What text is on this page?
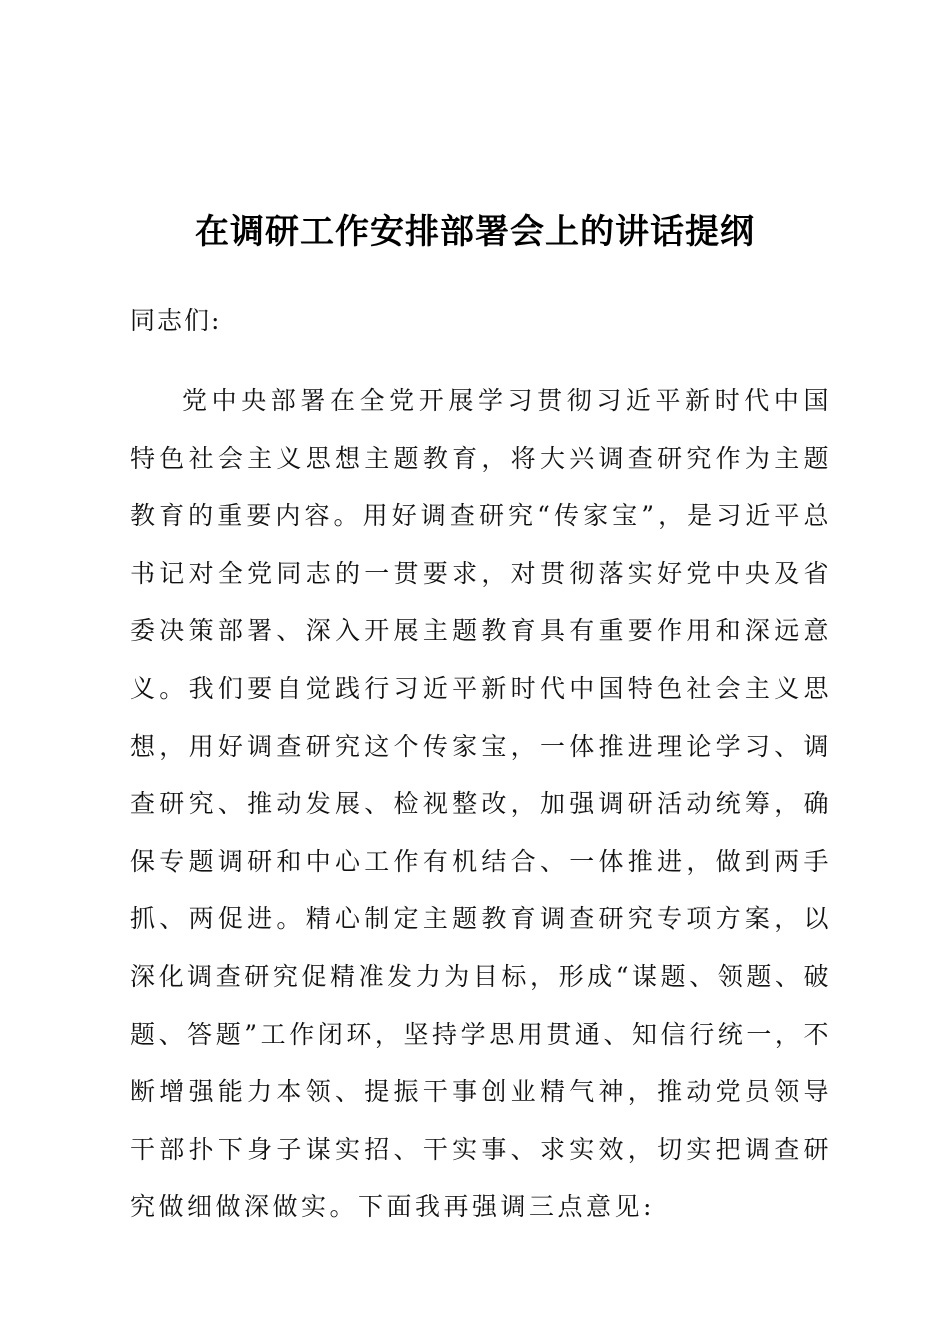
在调研工作安排部署会上的讲话提纲

同志们:

党中央部署在全党开展学习贯彻习近平新时代中国特色社会主义思想主题教育，将大兴调查研究作为主题教育的重要内容。用好调查研究“传家宝”，是习近平总书记对全党同志的一贯要求，对贯彻落实好党中央及省委决策部署、深入开展主题教育具有重要作用和深远意义。我们要自觉践行习近平新时代中国特色社会主义思想，用好调查研究这个传家宝，一体推进理论学习、调查研究、推动发展、检视整改，加强调研活动统筹，确保专题调研和中心工作有机结合、一体推进，做到两手抓、两促进。精心制定主题教育调查研究专项方案，以深化调查研究促精准发力为目标，形成“谋题、领题、破题、答题”工作闭环，坚持学思用贯通、知信行统一，不断增强能力本领、提振干事创业精气神，推动党员领导干部扑下身子谋实招、干实事、求实效，切实把调查研究做细做深做实。下面我再强调三点意见:
